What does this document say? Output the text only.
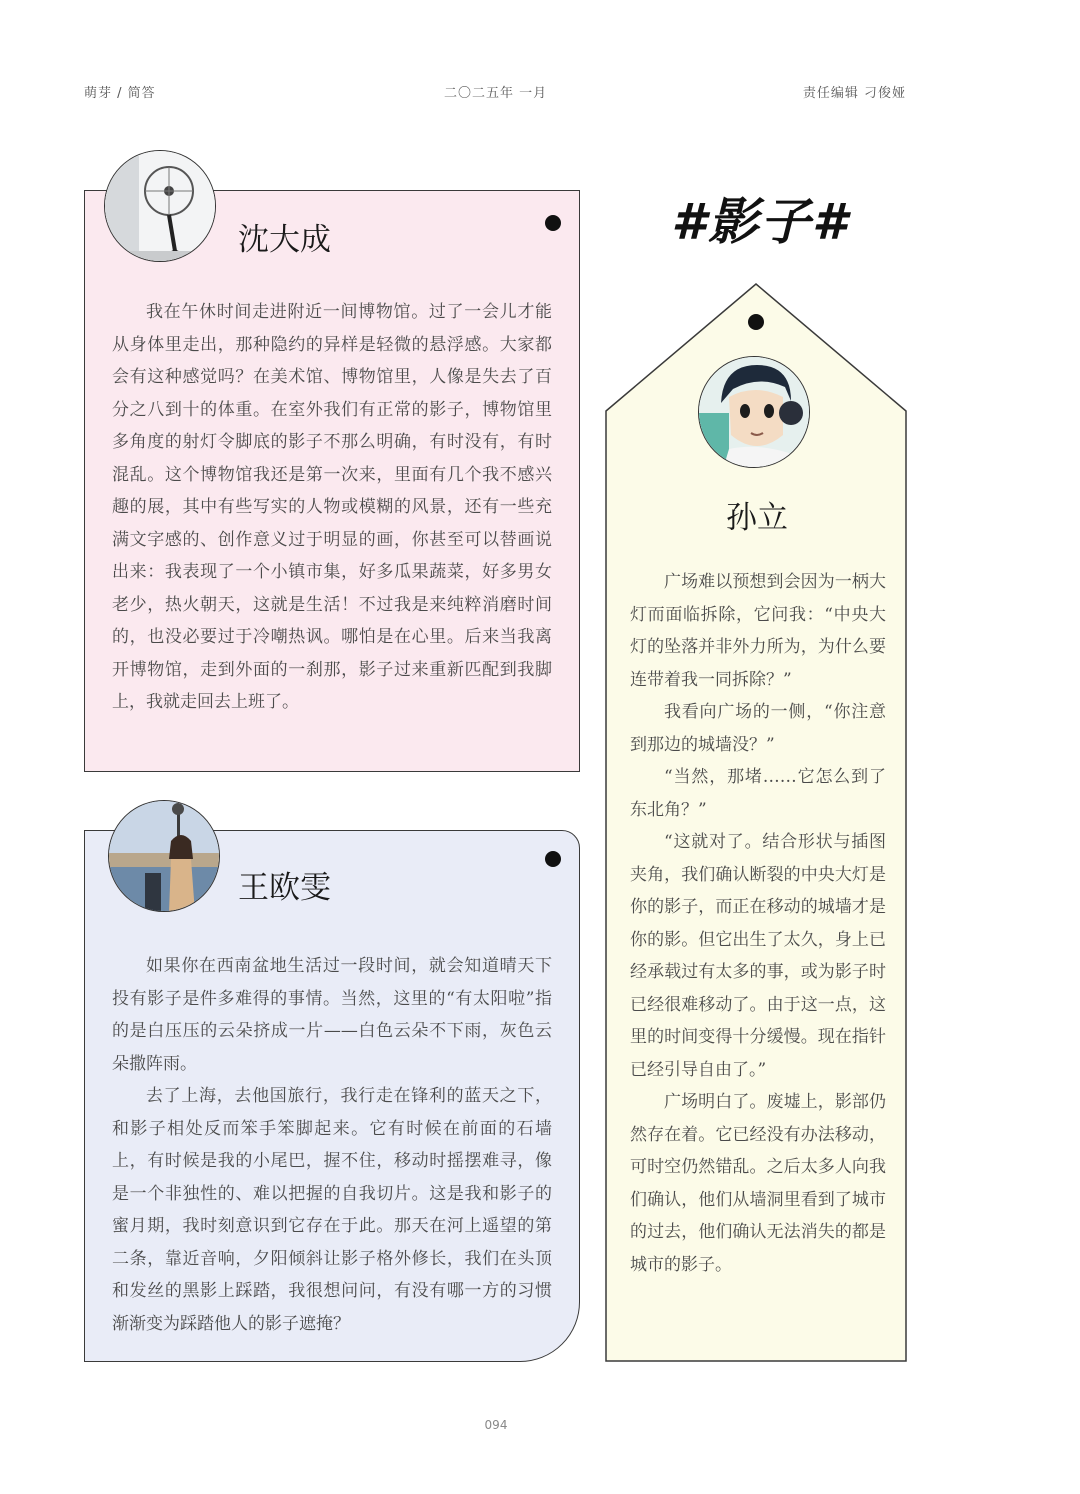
萌芽 / 简答	二〇二五年 一月	责任编辑 刁俊娅
沈大成

我在午休时间走进附近一间博物馆。过了一会儿才能从身体里走出，那种隐约的异样是轻微的悬浮感。大家都会有这种感觉吗？在美术馆、博物馆里，人像是失去了百分之八到十的体重。在室外我们有正常的影子，博物馆里多角度的射灯令脚底的影子不那么明确，有时没有，有时混乱。这个博物馆我还是第一次来，里面有几个我不感兴趣的展，其中有些写实的人物或模糊的风景，还有一些充满文字感的、创作意义过于明显的画，你甚至可以替画说出来：我表现了一个小镇市集，好多瓜果蔬菜，好多男女老少，热火朝天，这就是生活！不过我是来纯粹消磨时间的，也没必要过于冷嘲热讽。哪怕是在心里。后来当我离开博物馆，走到外面的一刹那，影子过来重新匹配到我脚上，我就走回去上班了。

王欧雯

如果你在西南盆地生活过一段时间，就会知道晴天下投有影子是件多难得的事情。当然，这里的“有太阳啦”指的是白压压的云朵挤成一片——白色云朵不下雨，灰色云朵撒阵雨。

去了上海，去他国旅行，我行走在锋利的蓝天之下，和影子相处反而笨手笨脚起来。它有时候在前面的石墙上，有时候是我的小尾巴，握不住，移动时摇摆难寻，像是一个非独性的、难以把握的自我切片。这是我和影子的蜜月期，我时刻意识到它存在于此。那天在河上遥望的第二条，靠近音响，夕阳倾斜让影子格外修长，我们在头顶和发丝的黑影上踩踏，我很想问问，有没有哪一方的习惯渐渐变为踩踏他人的影子遮掩？

#影子#
孙立

广场难以预想到会因为一柄大灯而面临拆除，它问我：“中央大灯的坠落并非外力所为，为什么要连带着我一同拆除？”

我看向广场的一侧，“你注意到那边的城墙没？”

“当然，那堵……它怎么到了东北角？”

“这就对了。结合形状与插图夹角，我们确认断裂的中央大灯是你的影子，而正在移动的城墙才是你的影。但它出生了太久，身上已经承载过有太多的事，或为影子时已经很难移动了。由于这一点，这里的时间变得十分缓慢。现在指针已经引导自由了。”

广场明白了。废墟上，影部仍然存在着。它已经没有办法移动，可时空仍然错乱。之后太多人向我们确认，他们从墙洞里看到了城市的过去，他们确认无法消失的都是城市的影子。

094
